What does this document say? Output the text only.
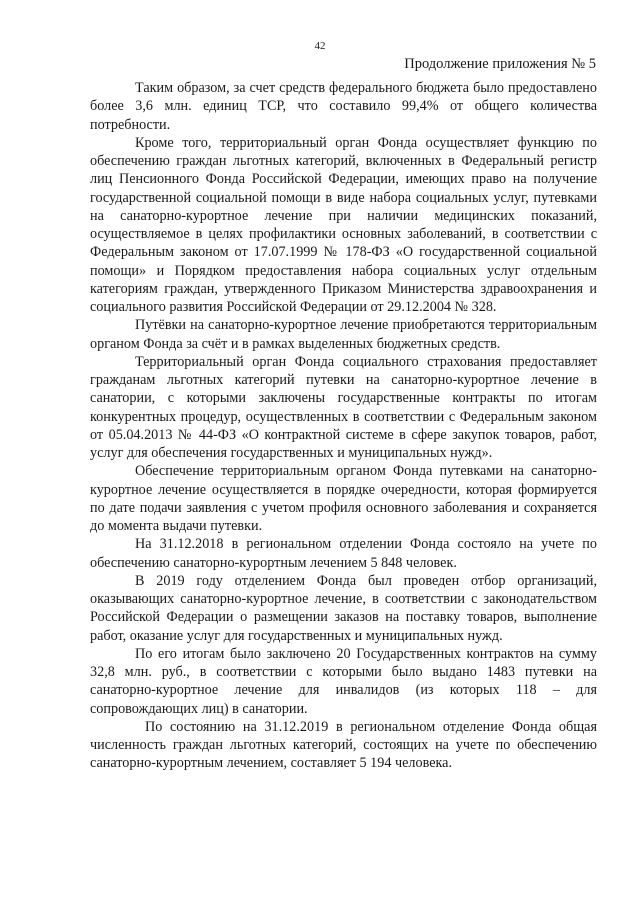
42
Продолжение приложения № 5

Таким образом, за счет средств федерального бюджета было предоставлено более 3,6 млн. единиц ТСР, что составило 99,4% от общего количества потребности.

Кроме того, территориальный орган Фонда осуществляет функцию по обеспечению граждан льготных категорий, включенных в Федеральный регистр лиц Пенсионного Фонда Российской Федерации, имеющих право на получение государственной социальной помощи в виде набора социальных услуг, путевками на санаторно-курортное лечение при наличии медицинских показаний, осуществляемое в целях профилактики основных заболеваний, в соответствии с Федеральным законом от 17.07.1999 № 178-ФЗ «О государственной социальной помощи» и Порядком предоставления набора социальных услуг отдельным категориям граждан, утвержденного Приказом Министерства здравоохранения и социального развития Российской Федерации от 29.12.2004 № 328.

Путёвки на санаторно-курортное лечение приобретаются территориальным органом Фонда за счёт и в рамках выделенных бюджетных средств.

Территориальный орган Фонда социального страхования предоставляет гражданам льготных категорий путевки на санаторно-курортное лечение в санатории, с которыми заключены государственные контракты по итогам конкурентных процедур, осуществленных в соответствии с Федеральным законом от 05.04.2013 № 44-ФЗ «О контрактной системе в сфере закупок товаров, работ, услуг для обеспечения государственных и муниципальных нужд».

Обеспечение территориальным органом Фонда путевками на санаторно-курортное лечение осуществляется в порядке очередности, которая формируется по дате подачи заявления с учетом профиля основного заболевания и сохраняется до момента выдачи путевки.

На 31.12.2018 в региональном отделении Фонда состояло на учете по обеспечению санаторно-курортным лечением 5 848 человек.

В 2019 году отделением Фонда был проведен отбор организаций, оказывающих санаторно-курортное лечение, в соответствии с законодательством Российской Федерации о размещении заказов на поставку товаров, выполнение работ, оказание услуг для государственных и муниципальных нужд.

По его итогам было заключено 20 Государственных контрактов на сумму 32,8 млн. руб., в соответствии с которыми было выдано 1483 путевки на санаторно-курортное лечение для инвалидов (из которых 118 – для сопровождающих лиц) в санатории.

По состоянию на 31.12.2019 в региональном отделение Фонда общая численность граждан льготных категорий, состоящих на учете по обеспечению санаторно-курортным лечением, составляет 5 194 человека.
